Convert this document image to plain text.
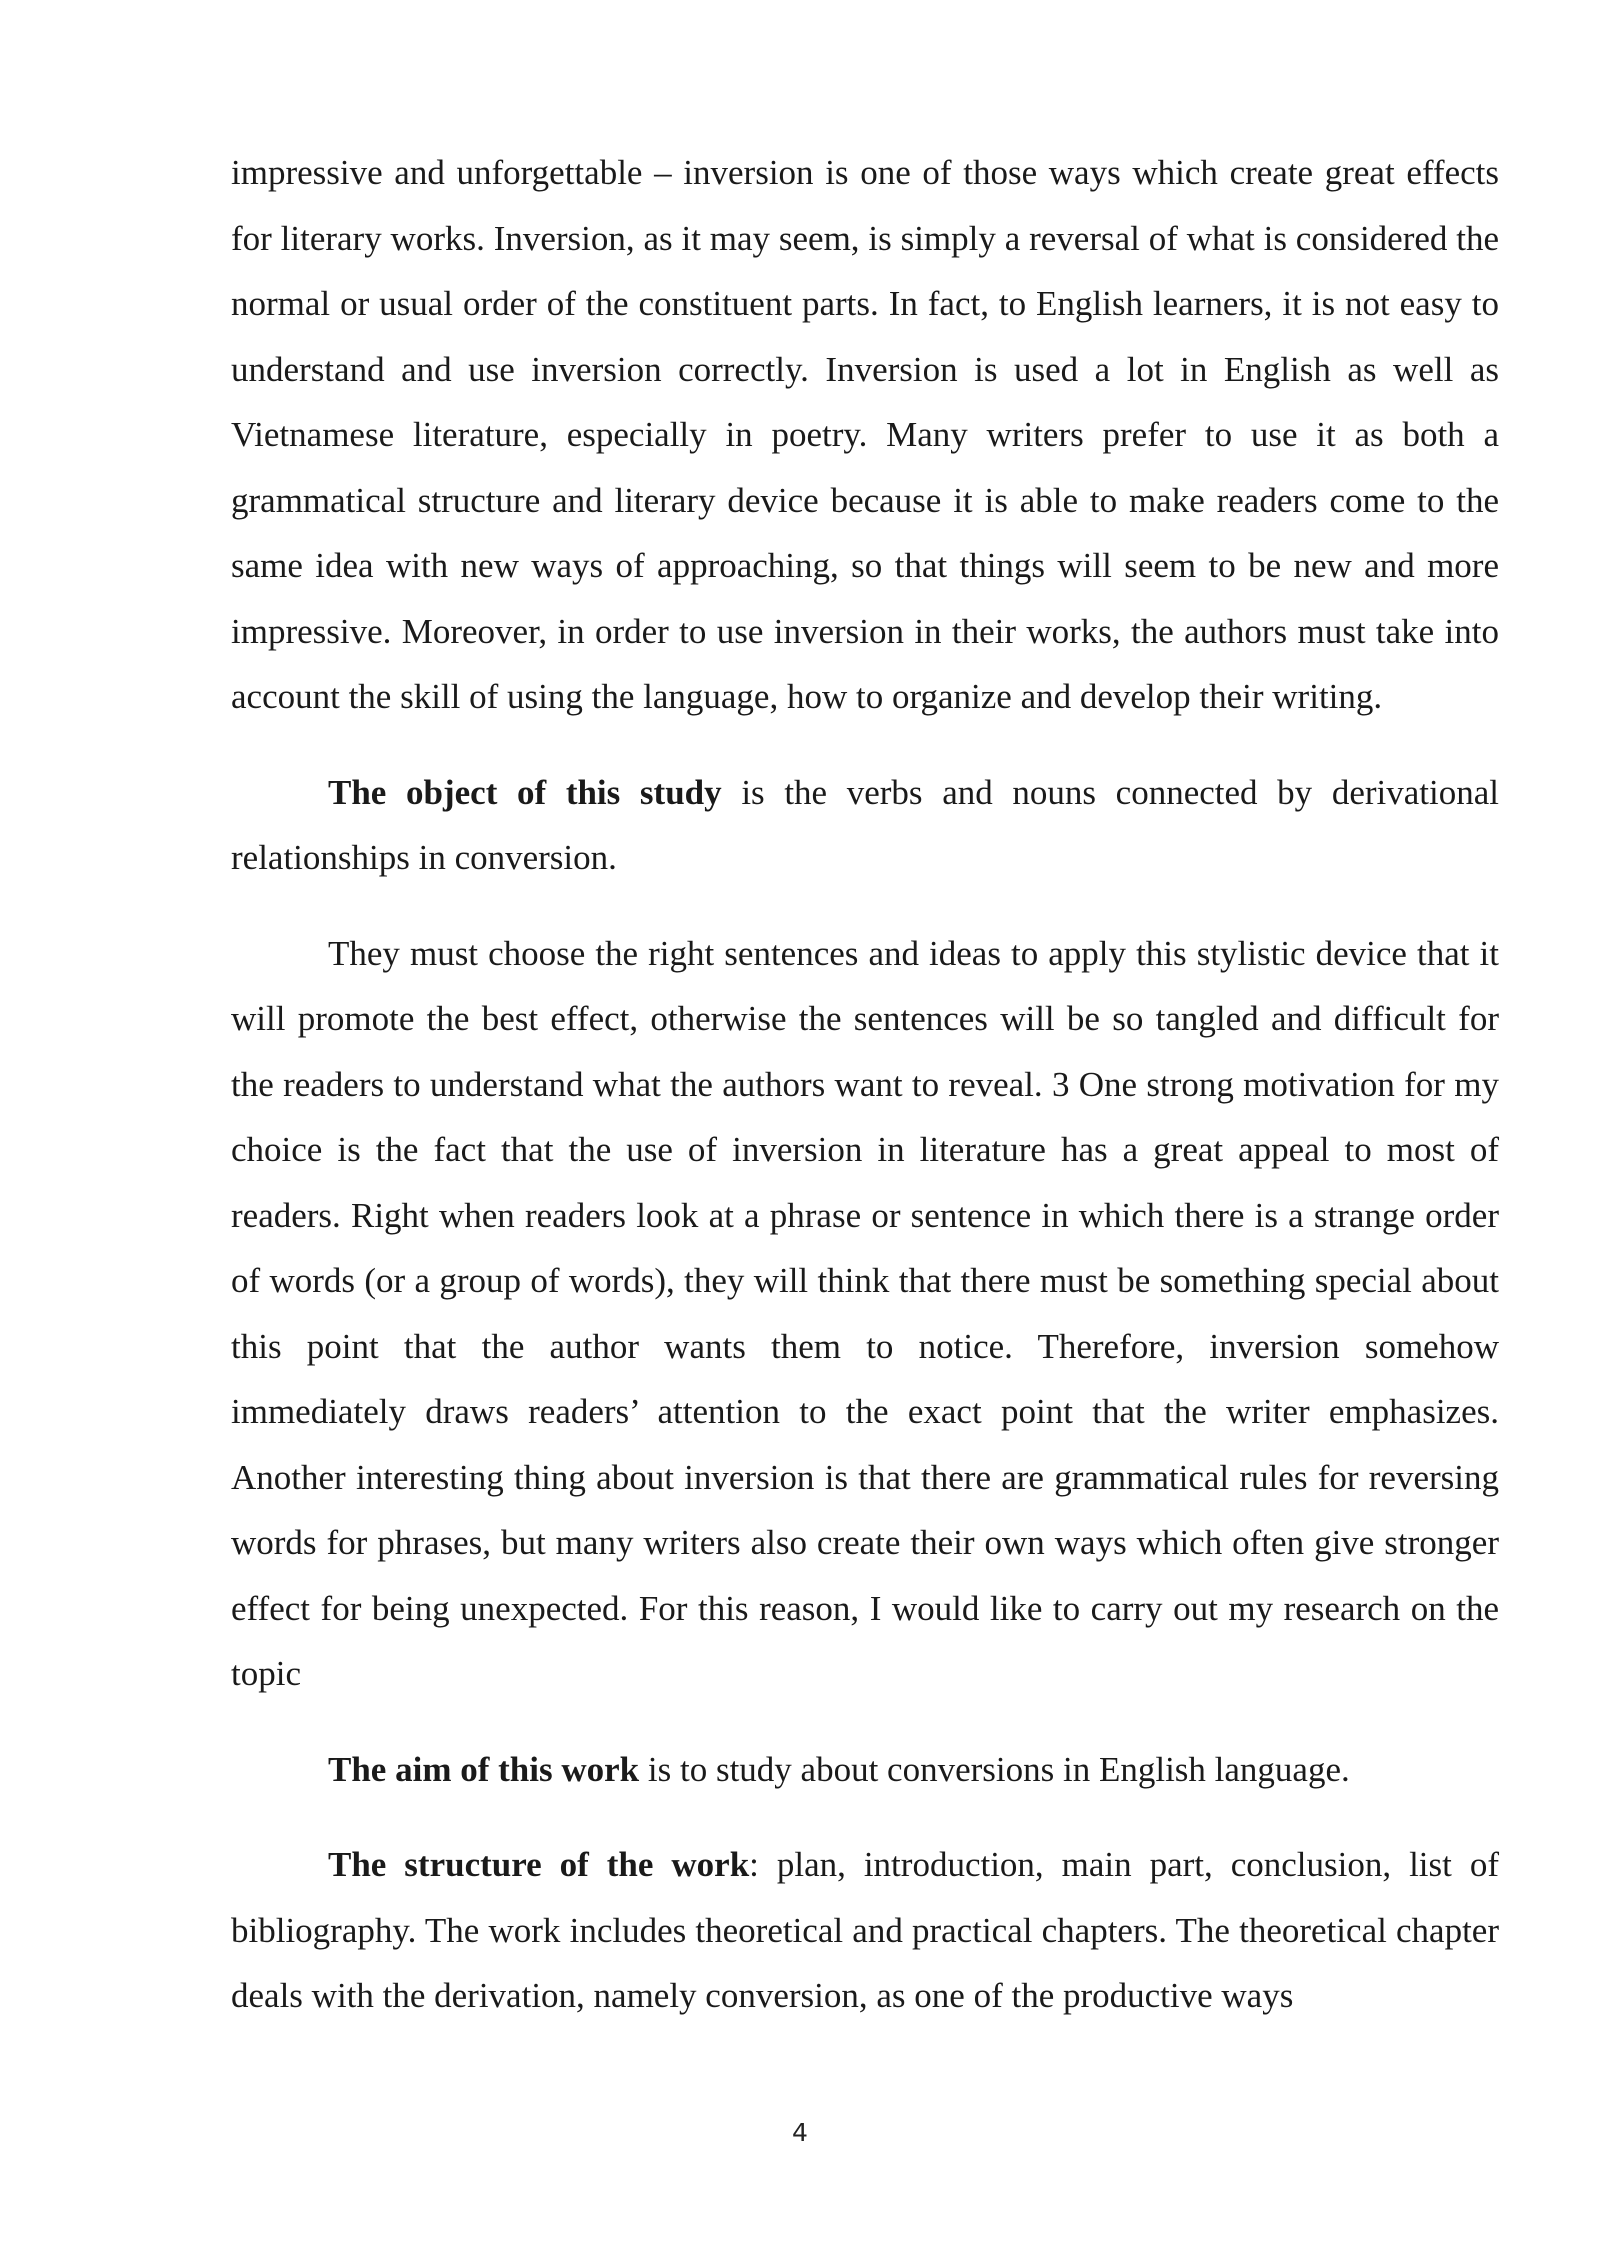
impressive and unforgettable – inversion is one of those ways which create great effects for literary works. Inversion, as it may seem, is simply a reversal of what is considered the normal or usual order of the constituent parts. In fact, to English learners, it is not easy to understand and use inversion correctly. Inversion is used a lot in English as well as Vietnamese literature, especially in poetry. Many writers prefer to use it as both a grammatical structure and literary device because it is able to make readers come to the same idea with new ways of approaching, so that things will seem to be new and more impressive. Moreover, in order to use inversion in their works, the authors must take into account the skill of using the language, how to organize and develop their writing.

The object of this study is the verbs and nouns connected by derivational relationships in conversion.

They must choose the right sentences and ideas to apply this stylistic device that it will promote the best effect, otherwise the sentences will be so tangled and difficult for the readers to understand what the authors want to reveal. 3 One strong motivation for my choice is the fact that the use of inversion in literature has a great appeal to most of readers. Right when readers look at a phrase or sentence in which there is a strange order of words (or a group of words), they will think that there must be something special about this point that the author wants them to notice. Therefore, inversion somehow immediately draws readers’ attention to the exact point that the writer emphasizes. Another interesting thing about inversion is that there are grammatical rules for reversing words for phrases, but many writers also create their own ways which often give stronger effect for being unexpected. For this reason, I would like to carry out my research on the topic

The aim of this work is to study about conversions in English language.

The structure of the work: plan, introduction, main part, conclusion, list of bibliography. The work includes theoretical and practical chapters. The theoretical chapter deals with the derivation, namely conversion, as one of the productive ways

4
